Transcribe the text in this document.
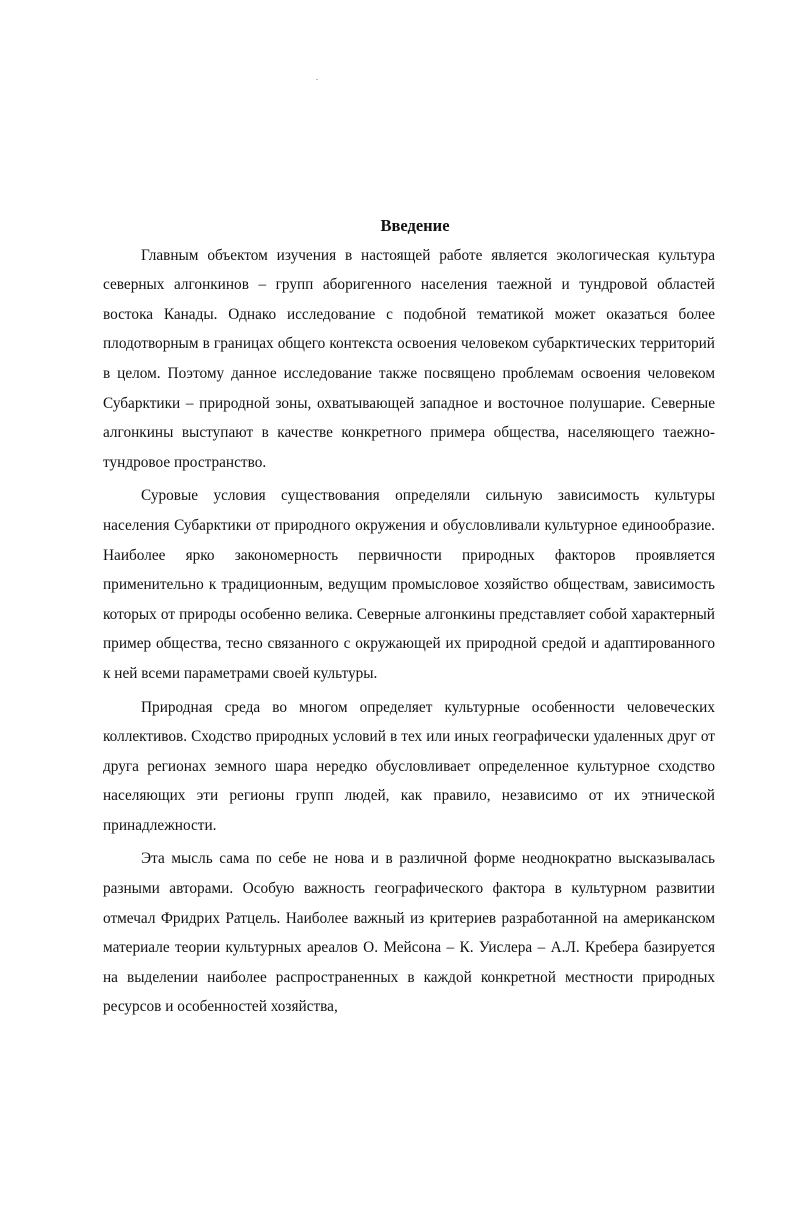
Введение

Главным объектом изучения в настоящей работе является экологическая культура северных алгонкинов – групп аборигенного населения таежной и тундровой областей востока Канады. Однако исследование с подобной тематикой может оказаться более плодотворным в границах общего контекста освоения человеком субарктических территорий в целом. Поэтому данное исследование также посвящено проблемам освоения человеком Субарктики – природной зоны, охватывающей западное и восточное полушарие. Северные алгонкины выступают в качестве конкретного примера общества, населяющего таежно-тундровое пространство.

Суровые условия существования определяли сильную зависимость культуры населения Субарктики от природного окружения и обусловливали культурное единообразие. Наиболее ярко закономерность первичности природных факторов проявляется применительно к традиционным, ведущим промысловое хозяйство обществам, зависимость которых от природы особенно велика. Северные алгонкины представляет собой характерный пример общества, тесно связанного с окружающей их природной средой и адаптированного к ней всеми параметрами своей культуры.

Природная среда во многом определяет культурные особенности человеческих коллективов. Сходство природных условий в тех или иных географически удаленных друг от друга регионах земного шара нередко обусловливает определенное культурное сходство населяющих эти регионы групп людей, как правило, независимо от их этнической принадлежности.

Эта мысль сама по себе не нова и в различной форме неоднократно высказывалась разными авторами. Особую важность географического фактора в культурном развитии отмечал Фридрих Ратцель. Наиболее важный из критериев разработанной на американском материале теории культурных ареалов О. Мейсона – К. Уислера – А.Л. Кребера базируется на выделении наиболее распространенных в каждой конкретной местности природных ресурсов и особенностей хозяйства,
